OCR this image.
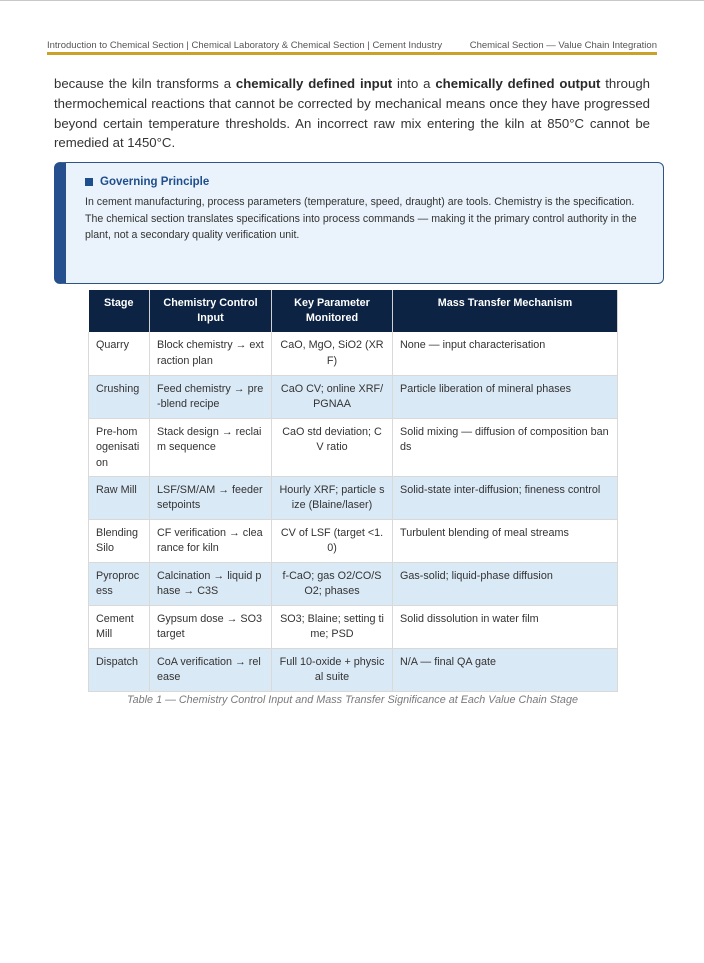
Introduction to Chemical Section | Chemical Laboratory & Chemical Section | Cement Industry	Chemical Section — Value Chain Integration

because the kiln transforms a chemically defined input into a chemically defined output through thermochemical reactions that cannot be corrected by mechanical means once they have progressed beyond certain temperature thresholds. An incorrect raw mix entering the kiln at 850°C cannot be remedied at 1450°C.

Governing Principle

In cement manufacturing, process parameters (temperature, speed, draught) are tools. Chemistry is the specification. The chemical section translates specifications into process commands — making it the primary control authority in the plant, not a secondary quality verification unit.

Stage	Chemistry Control Input	Key Parameter Monitored	Mass Transfer Mechanism
Quarry	Block chemistry → extraction plan	CaO, MgO, SiO2 (XRF)	None — input characterisation
Crushing	Feed chemistry → pre-blend recipe	CaO CV; online XRF/PGNAA	Particle liberation of mineral phases
Pre-homogenisation	Stack design → reclaim sequence	CaO std deviation; CV ratio	Solid mixing — diffusion of composition bands
Raw Mill	LSF/SM/AM → feeder setpoints	Hourly XRF; particle size (Blaine/laser)	Solid-state inter-diffusion; fineness control
Blending Silo	CF verification → clearance for kiln	CV of LSF (target <1.0)	Turbulent blending of meal streams
Pyroprocess	Calcination → liquid phase → C3S	f-CaO; gas O2/CO/SO2; phases	Gas-solid; liquid-phase diffusion
Cement Mill	Gypsum dose → SO3 target	SO3; Blaine; setting time; PSD	Solid dissolution in water film
Dispatch	CoA verification → release	Full 10-oxide + physical suite	N/A — final QA gate
Table 1 — Chemistry Control Input and Mass Transfer Significance at Each Value Chain Stage
